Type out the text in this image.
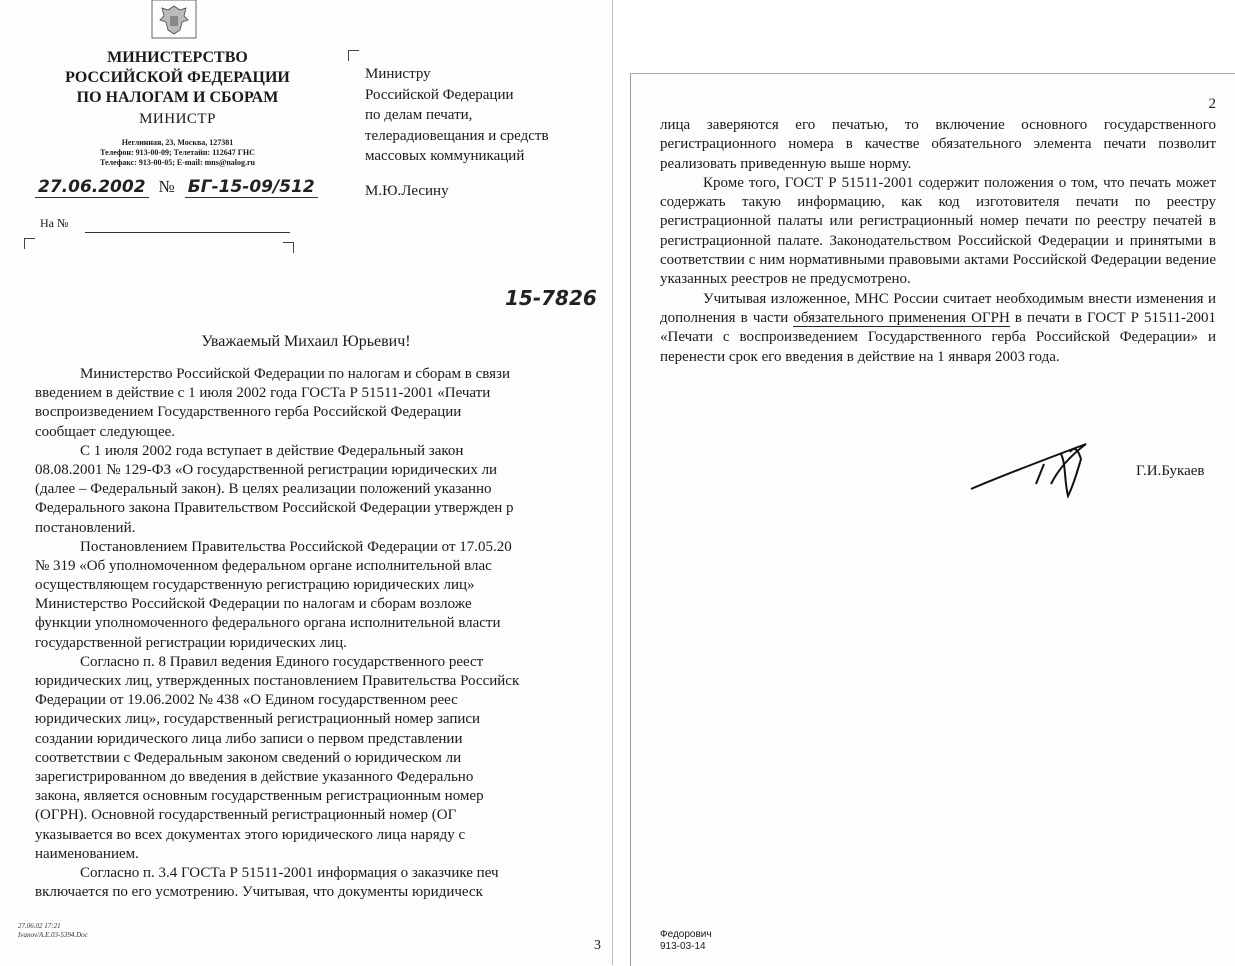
МИНИСТЕРСТВО
РОССИЙСКОЙ ФЕДЕРАЦИИ
ПО НАЛОГАМ И СБОРАМ
МИНИСТР
Неглинная, 23, Москва, 127381
Телефон: 913-00-09; Телетайп: 112647 ГНС
Телефакс: 913-00-05; E-mail: mns@nalog.ru
27.06.2002 № БГ-15-09/512
На №
Министру
Российской Федерации
по делам печати,
телерадиовещания и средств
массовых коммуникаций
М.Ю.Лесину
15-7826
Уважаемый Михаил Юрьевич!
Министерство Российской Федерации по налогам и сборам в связи
введением в действие с 1 июля 2002 года ГОСТа Р 51511-2001 «Печати
воспроизведением Государственного герба Российской Федерации
сообщает следующее.
С 1 июля 2002 года вступает в действие Федеральный закон
08.08.2001 № 129-ФЗ «О государственной регистрации юридических ли
(далее – Федеральный закон). В целях реализации положений указанно
Федерального закона Правительством Российской Федерации утвержден р
постановлений.
Постановлением Правительства Российской Федерации от 17.05.20
№ 319 «Об уполномоченном федеральном органе исполнительной влас
осуществляющем государственную регистрацию юридических лиц»
Министерство Российской Федерации по налогам и сборам возложе
функции уполномоченного федерального органа исполнительной власти
государственной регистрации юридических лиц.
Согласно п. 8 Правил ведения Единого государственного реест
юридических лиц, утвержденных постановлением Правительства Российск
Федерации от 19.06.2002 № 438 «О Едином государственном реес
юридических лиц», государственный регистрационный номер записи
создании юридического лица либо записи о первом представлении
соответствии с Федеральным законом сведений о юридическом ли
зарегистрированном до введения в действие указанного Федерально
закона, является основным государственным регистрационным номер
(ОГРН). Основной государственный регистрационный номер (ОГ
указывается во всех документах этого юридического лица наряду с
наименованием.
Согласно п. 3.4 ГОСТа Р 51511-2001 информация о заказчике печ
включается по его усмотрению. Учитывая, что документы юридическ
27.06.02 17:21
Ivanov/А.Е.03-5394.Doc
3
2

лица заверяются его печатью, то включение основного государственного регистрационного номера в качестве обязательного элемента печати позволит реализовать приведенную выше норму.

Кроме того, ГОСТ Р 51511-2001 содержит положения о том, что печать может содержать такую информацию, как код изготовителя печати по реестру регистрационной палаты или регистрационный номер печати по реестру печатей в регистрационной палате. Законодательством Российской Федерации и принятыми в соответствии с ним нормативными правовыми актами Российской Федерации ведение указанных реестров не предусмотрено.

Учитывая изложенное, МНС России считает необходимым внести изменения и дополнения в части обязательного применения ОГРН в печати в ГОСТ Р 51511-2001 «Печати с воспроизведением Государственного герба Российской Федерации» и перенести срок его введения в действие на 1 января 2003 года.

Г.И.Букаев
Федорович
913-03-14
